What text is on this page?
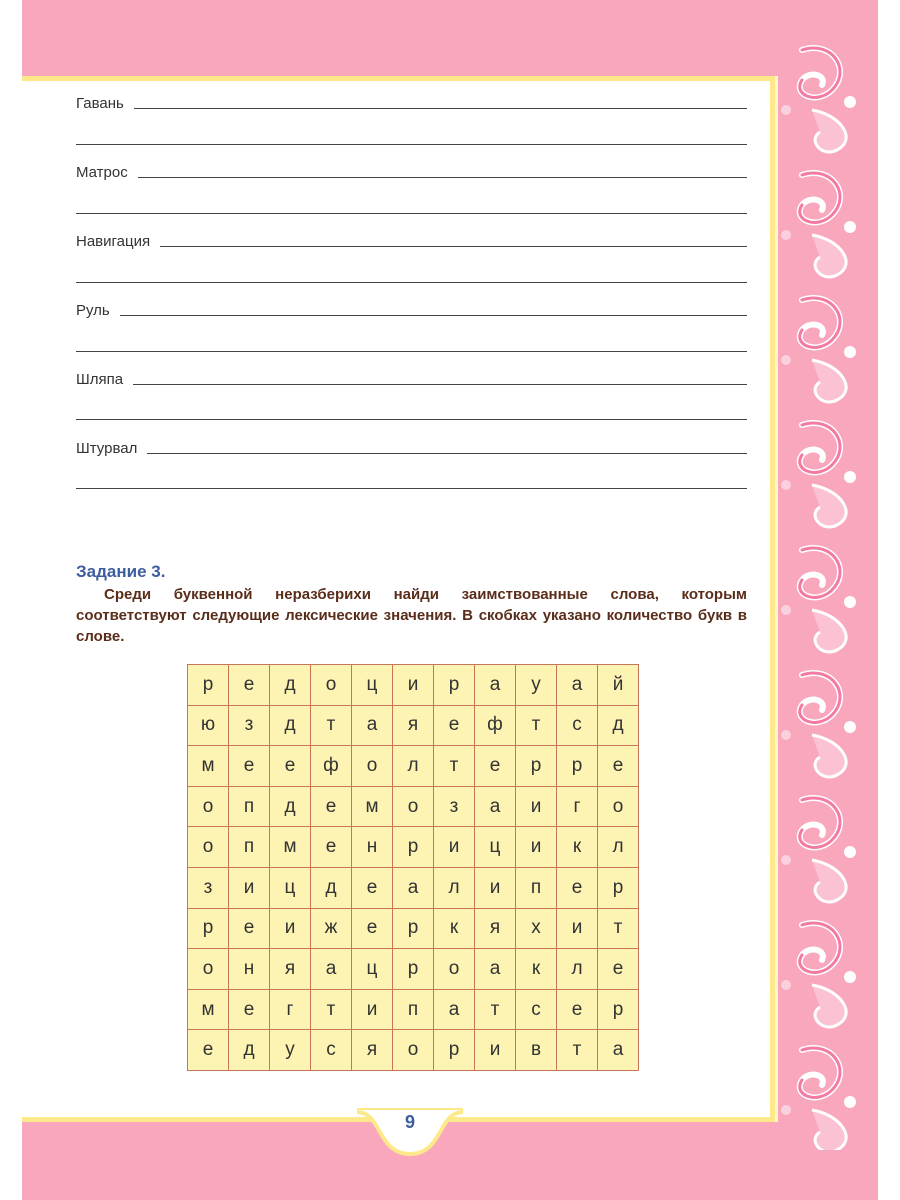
Гавань
Матрос
Навигация
Руль
Шляпа
Штурвал
Задание 3.
Среди буквенной неразберихи найди заимствованные слова, которым соответствуют следующие лексические значения. В скобках указано количество букв в слове.
р	е	д	о	ц	и	р	а	у	а	й
ю	з	д	т	а	я	е	ф	т	с	д
м	е	е	ф	о	л	т	е	р	р	е
о	п	д	е	м	о	з	а	и	г	о
о	п	м	е	н	р	и	ц	и	к	л
з	и	ц	д	е	а	л	и	п	е	р
р	е	и	ж	е	р	к	я	х	и	т
о	н	я	а	ц	р	о	а	к	л	е
м	е	г	т	и	п	а	т	с	е	р
е	д	у	с	я	о	р	и	в	т	а
9
